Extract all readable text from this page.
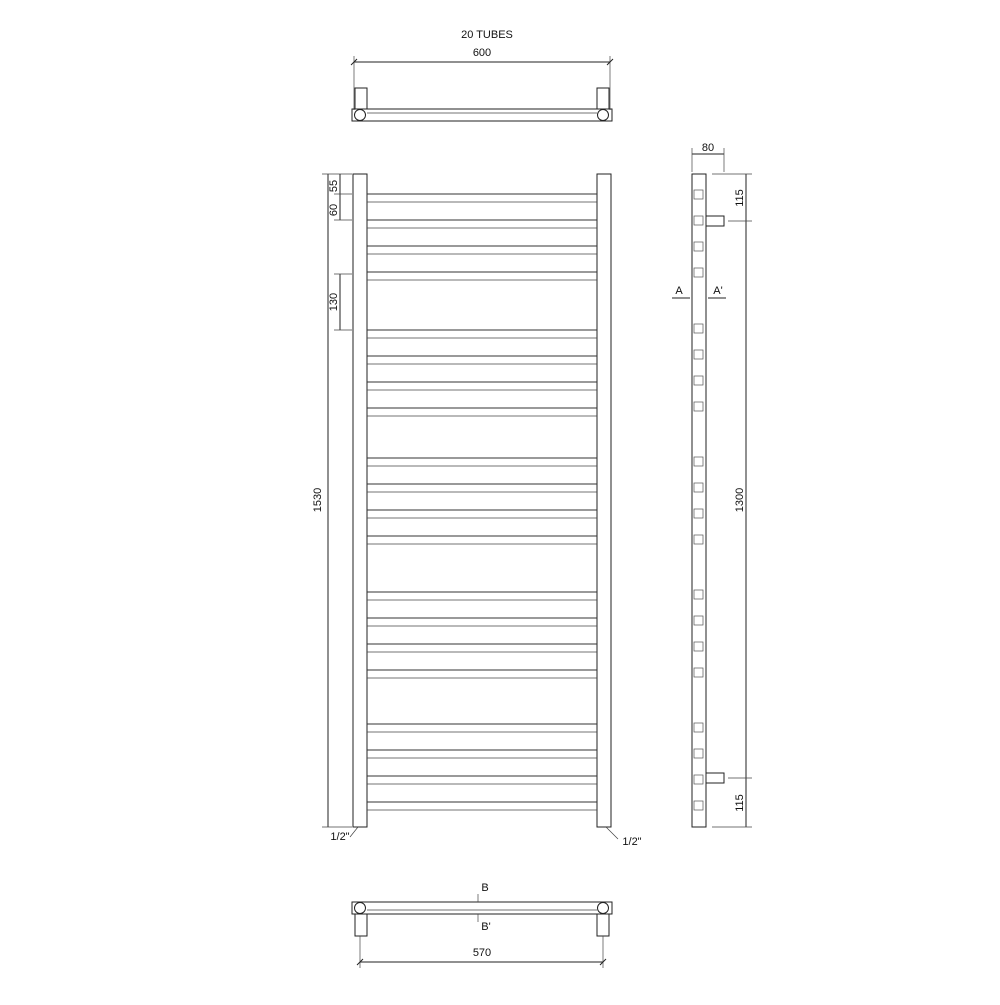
20 TUBES
600
1530
55
60
130
1/2"	1/2"
80
115
1300
115
A	A'
B
B'
570
